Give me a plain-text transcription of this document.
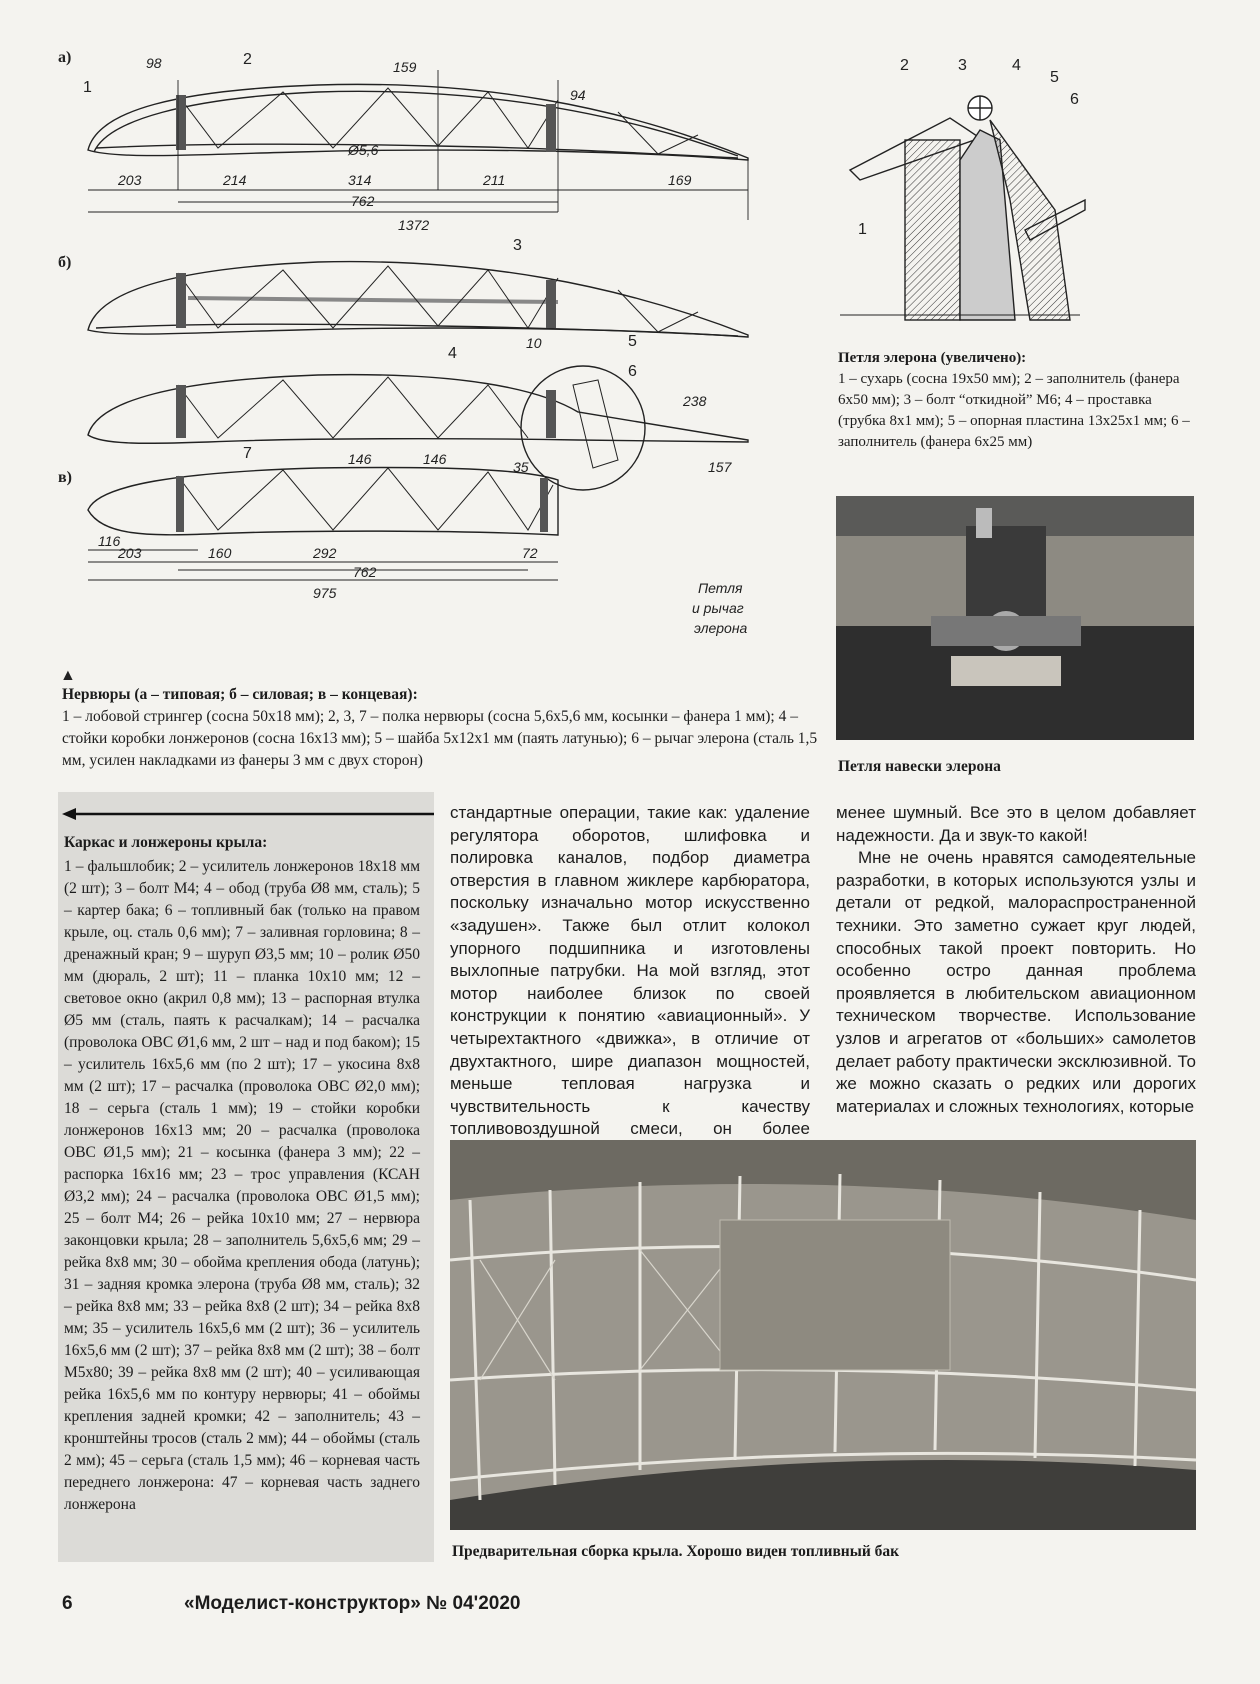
а)
б)
в)
1
2
3
4
5
6
7
98	159
94
Ø5,6
203	214	314	211	169
762
1372
10
238
35	157
146	146
116
203	160	292	72
762
975	Петля
и рычаг
элерона
▲
2	3	4
5
6
1
Петля элерона (увеличено):
1 – сухарь (сосна 19х50 мм); 2 – заполнитель (фанера 6х50 мм); 3 – болт “откидной” М6; 4 – проставка (трубка 8х1 мм); 5 – опорная пластина 13х25х1 мм; 6 – заполнитель (фанера 6х25 мм)
Петля навески элерона
Нервюры (а – типовая; б – силовая; в – концевая):
1 – лобовой стрингер (сосна 50х18 мм); 2, 3, 7 – полка нервюры (сосна 5,6х5,6 мм, косынки – фанера 1 мм); 4 – стойки коробки лонжеронов (сосна 16х13 мм); 5 – шайба 5х12х1 мм (паять латунью); 6 – рычаг элерона (сталь 1,5 мм, усилен накладками из фанеры 3 мм с двух сторон)
Каркас и лонжероны крыла:
1 – фальшлобик; 2 – усилитель лонжеронов 18х18 мм (2 шт); 3 – болт М4; 4 – обод (труба Ø8 мм, сталь); 5 – картер бака; 6 – топливный бак (только на правом крыле, оц. сталь 0,6 мм); 7 – заливная горловина; 8 – дренажный кран; 9 – шуруп Ø3,5 мм; 10 – ролик Ø50 мм (дюраль, 2 шт); 11 – планка 10х10 мм; 12 – световое окно (акрил 0,8 мм); 13 – распорная втулка Ø5 мм (сталь, паять к расчалкам); 14 – расчалка (проволока ОВС Ø1,6 мм, 2 шт – над и под баком); 15 – усилитель 16х5,6 мм (по 2 шт); 17 – укосина 8х8 мм (2 шт); 17 – расчалка (проволока ОВС Ø2,0 мм); 18 – серьга (сталь 1 мм); 19 – стойки коробки лонжеронов 16х13 мм; 20 – расчалка (проволока ОВС Ø1,5 мм); 21 – косынка (фанера 3 мм); 22 – распорка 16х16 мм; 23 – трос управления (КСАН Ø3,2 мм); 24 – расчалка (проволока ОВС Ø1,5 мм); 25 – болт М4; 26 – рейка 10х10 мм; 27 – нервюра законцовки крыла; 28 – заполнитель 5,6х5,6 мм; 29 – рейка 8х8 мм; 30 – обойма крепления обода (латунь); 31 – задняя кромка элерона (труба Ø8 мм, сталь); 32 – рейка 8х8 мм; 33 – рейка 8х8 (2 шт); 34 – рейка 8х8 мм; 35 – усилитель 16х5,6 мм (2 шт); 36 – усилитель 16х5,6 мм (2 шт); 37 – рейка 8х8 мм (2 шт); 38 – болт М5х80; 39 – рейка 8х8 мм (2 шт); 40 – усиливающая рейка 16х5,6 мм по контуру нервюры; 41 – обоймы крепления задней кромки; 42 – заполнитель; 43 – кронштейны тросов (сталь 2 мм); 44 – обоймы (сталь 2 мм); 45 – серьга (сталь 1,5 мм); 46 – корневая часть переднего лонжерона: 47 – корневая часть заднего лонжерона
стандартные операции, такие как: удаление регулятора оборотов, шлифовка и полировка каналов, подбор диаметра отверстия в главном жиклере карбюратора, поскольку изначально мотор искусственно «задушен». Также был отлит колокол упорного подшипника и изготовлены выхлопные патрубки. На мой взгляд, этот мотор наиболее близок по своей конструкции к понятию «авиационный». У четырехтактного «движка», в отличие от двухтактного, шире диапазон мощностей, меньше тепловая нагрузка и чувствительность к качеству топливовоздушной смеси, он более
менее шумный. Все это в целом добавляет надежности. Да и звук-то какой!
Мне не очень нравятся самодеятельные разработки, в которых используются узлы и детали от редкой, малораспространенной техники. Это заметно сужает круг людей, способных такой проект повторить. Но особенно остро данная проблема проявляется в любительском авиационном техническом творчестве. Использование узлов и агрегатов от «больших» самолетов делает работу практически эксклюзивной. То же можно сказать о редких или дорогих материалах и сложных технологиях, которые
Предварительная сборка крыла. Хорошо виден топливный бак
6	«Моделист-конструктор» № 04'2020
